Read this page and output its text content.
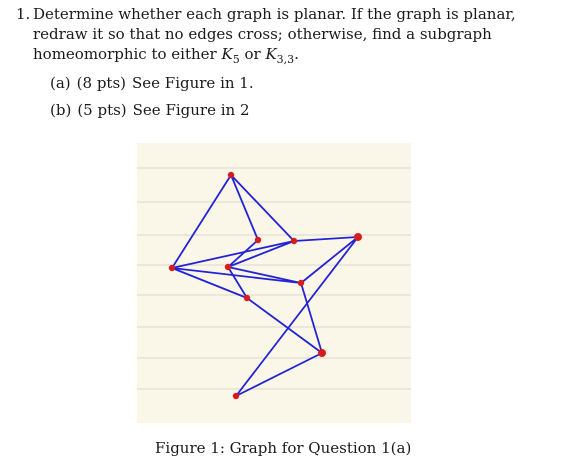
1. Determine whether each graph is planar. If the graph is planar, redraw it so that no edges cross; otherwise, find a subgraph homeomorphic to either $K_5$ or $K_{3,3}$.
(a) (8 pts) See Figure in 1.
(b) (5 pts) See Figure in 2
Figure 1: Graph for Question 1(a)
